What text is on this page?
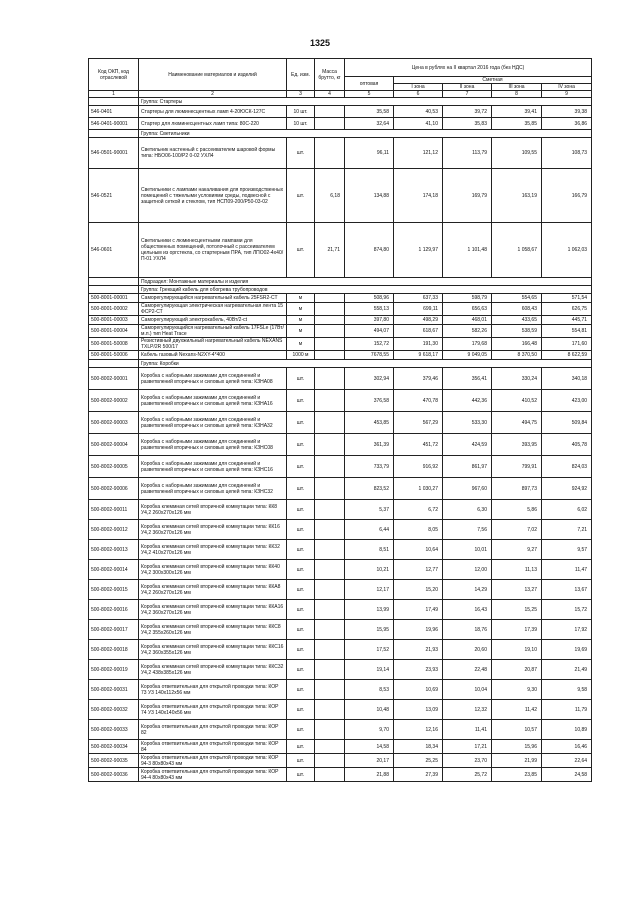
1325
Код ОКП, код отраслевой	Наименование материалов и изделий	Ед. изм.	Масса брутто, кг	Цена в рублях на II квартал 2016 года (без НДС)				
				оптовая	Сметная			
					I зона	II зона	III зона	IV зона
1	2	3	4	5	6	7	8	9
	Группа: Стартеры							
546-0401	Стартеры для люминесцентных ламп 4-20ЮСК-127С	10 шт.		35,58	40,53	39,72	39,41	39,38
546-0401-90001	Стартер для люминесцентных ламп типа: 80С-220	10 шт.		32,64	41,10	35,83	35,85	36,86
	Группа: Светильники							
546-0501-90001	Светильник настенный с рассеивателем шаровой формы типа: НБО06-100/Р2 0-02 УХЛ4	шт.		96,11	121,12	113,79	109,55	108,73
546-0521	Светильники с лампами накаливания для производственных помещений с тяжелыми условиями среды, подвесной с защитной сеткой и стеклом, тип НСП09-200/Р50-03-02	шт.	6,18	134,88	174,18	169,79	163,19	166,79
546-0601	Светильники с люминесцентными лампами для общественных помещений, потолочный с рассеивателем цельным из оргстекла, со стартерным ПРА, тип ЛПО02-4х40/П-01 УХЛ4	шт.	21,71	874,80	1 129,97	1 101,48	1 058,67	1 062,03
	Подраздел: Монтажные материалы и изделия							
	Группа: Греющий кабель для обогрева трубопроводов							
500-8001-00001	Саморегулирующийся нагревательный кабель 25FSR2-CT	м		508,96	637,33	598,79	554,65	571,54
500-8001-00002	Саморегулирующая электрическая нагревательная лента 15 ФСР2-СТ	м		558,13	699,11	656,63	608,43	626,75
500-8001-00003	Саморегулирующий электрокабель, 40Вт/2-ct	м		397,80	498,29	468,01	433,65	445,71
500-8001-00004	Саморегулирующийся нагревательный кабель 17FSLe (17Вт/м.п.) тип Heat Trace	м		494,07	618,67	582,26	538,59	554,81
500-8001-50008	Резистивный двухжильный нагревательный кабель NEXANS TXLP/2R 500/17	м		152,72	191,30	179,68	166,48	171,60
500-8001-50006	Кабель газовый Nexans-N2XY-4*400	1000 м		7678,55	9 618,17	9 049,05	8 370,50	8 622,59
	Группа: Коробки							
500-8002-90001	Коробка с наборными зажимами для соединений и разветвлений вторичных и силовых цепей типа: КЗНА08	шт.		302,94	379,46	356,41	330,24	340,18
500-8002-90002	Коробка с наборными зажимами для соединений и разветвлений вторичных и силовых цепей типа: КЗНА16	шт.		376,58	470,78	442,36	410,52	423,00
500-8002-90003	Коробка с наборными зажимами для соединений и разветвлений вторичных и силовых цепей типа: КЗНА32	шт.		453,85	567,29	533,30	494,75	509,84
500-8002-90004	Коробка с наборными зажимами для соединений и разветвлений вторичных и силовых цепей типа: КЗНС08	шт.		361,39	451,72	424,59	393,95	405,78
500-8002-90005	Коробка с наборными зажимами для соединений и разветвлений вторичных и силовых цепей типа: КЗНС16	шт.		733,79	916,92	861,97	799,91	824,03
500-8002-90006	Коробка с наборными зажимами для соединений и разветвлений вторичных и силовых цепей типа: КЗНС32	шт.		823,52	1 030,27	967,60	897,73	924,92
500-8002-90011	Коробка клеммная сетей вторичной коммутации типа: КК8 У4,2 260х270х126 мм	шт.		5,37	6,72	6,30	5,86	6,02
500-8002-90012	Коробка клеммная сетей вторичной коммутации типа: КК16 У4,2 360х270х126 мм	шт.		6,44	8,05	7,56	7,02	7,21
500-8002-90013	Коробка клеммная сетей вторичной коммутации типа: КК32 У4,2 410х270х126 мм	шт.		8,51	10,64	10,01	9,27	9,57
500-8002-90014	Коробка клеммная сетей вторичной коммутации типа: КК40 У4,2 300х300х126 мм	шт.		10,21	12,77	12,00	11,13	11,47
500-8002-90015	Коробка клеммная сетей вторичной коммутации типа: ККА8 У4,2 260х270х126 мм	шт.		12,17	15,20	14,29	13,27	13,67
500-8002-90016	Коробка клеммная сетей вторичной коммутации типа: ККА16 У4,2 360х270х126 мм	шт.		13,99	17,49	16,43	15,25	15,72
500-8002-90017	Коробка клеммная сетей вторичной коммутации типа: ККС8 У4,2 355х260х126 мм	шт.		15,95	19,96	18,76	17,39	17,92
500-8002-90018	Коробка клеммная сетей вторичной коммутации типа: ККС16 У4,2 360х355х126 мм	шт.		17,52	21,93	20,60	19,10	19,69
500-8002-90019	Коробка клеммная сетей вторичной коммутации типа: ККС32 У4,2 438х385х126 мм	шт.		19,14	23,93	22,48	20,87	21,49
500-8002-90031	Коробка ответвительная для открытой проводки типа: КОР 73 У3 140х112х56 мм	шт.		8,53	10,69	10,04	9,30	9,58
500-8002-90032	Коробка ответвительная для открытой проводки типа: КОР 74 У3 140х140х56 мм	шт.		10,48	13,09	12,32	11,42	11,79
500-8002-90033	Коробка ответвительная для открытой проводки типа: КОР 82	шт.		9,70	12,16	11,41	10,57	10,89
500-8002-90034	Коробка ответвительная для открытой проводки типа: КОР 84	шт.		14,58	18,34	17,21	15,96	16,46
500-8002-90035	Коробка ответвительная для открытой проводки типа: КОР 94-3 80х80х43 мм	шт.		20,17	25,25	23,70	21,99	22,64
500-8002-90036	Коробка ответвительная для открытой проводки типа: КОР 94-4 80х80х43 мм	шт.		21,88	27,39	25,72	23,85	24,58
